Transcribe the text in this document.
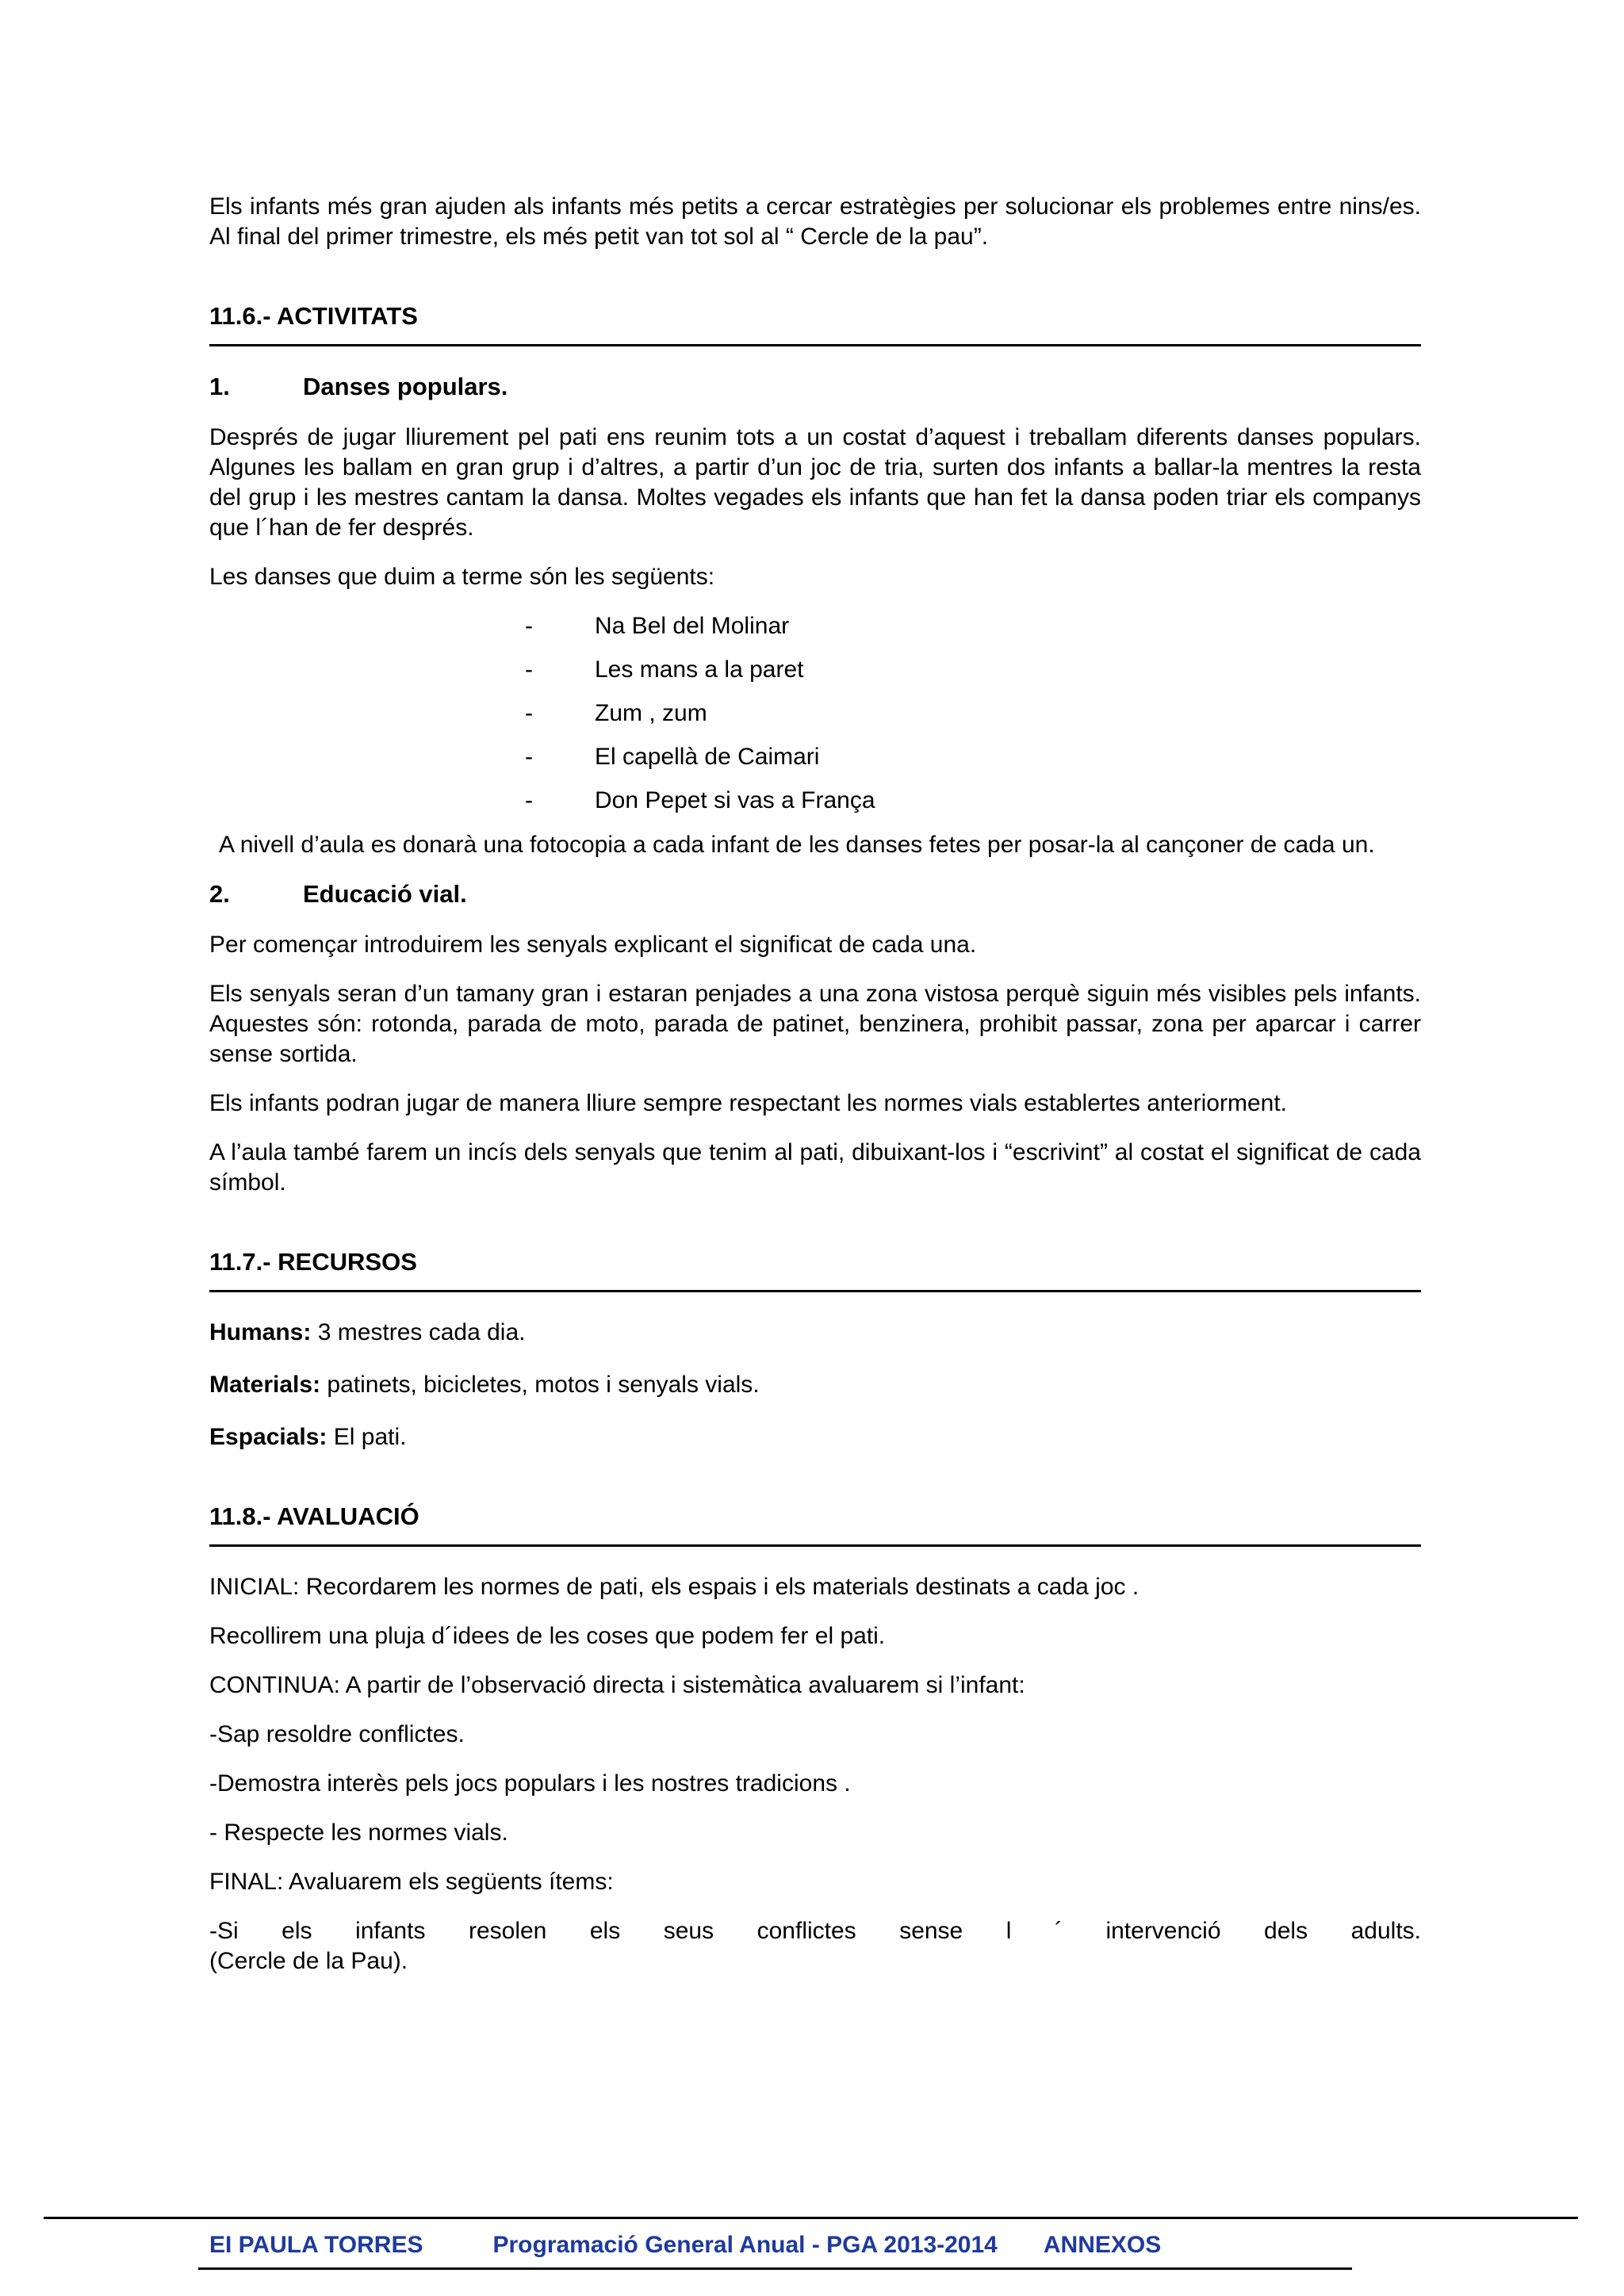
Els infants més gran ajuden als infants més petits a cercar estratègies per solucionar els problemes entre nins/es. Al final del primer trimestre, els més petit van tot sol al “ Cercle de la pau”.

11.6.- ACTIVITATS
1.	Danses populars.

Després de jugar lliurement pel pati ens reunim tots a un costat d’aquest i treballam diferents danses populars. Algunes les ballam en gran grup i d’altres, a partir d’un joc de tria, surten dos infants a ballar-la mentres la resta del grup i les mestres cantam la dansa. Moltes vegades els infants que han fet la dansa poden triar els companys que l´han de fer després.

Les danses que duim a terme són les següents:

-	Na Bel del Molinar
-	Les mans a la paret
-	Zum , zum
-	El capellà de Caimari
-	Don Pepet si vas a França

A nivell d’aula es donarà una fotocopia a cada infant de les danses fetes per posar-la al cançoner de cada un.

2.	Educació vial.

Per començar introduirem les senyals explicant el significat de cada una.

Els senyals seran d’un tamany gran i estaran penjades a una zona vistosa perquè siguin més visibles pels infants. Aquestes són: rotonda, parada de moto, parada de patinet, benzinera, prohibit passar, zona per aparcar i carrer sense sortida.

Els infants podran jugar de manera lliure sempre respectant les normes vials establertes anteriorment.

A l’aula també farem un incís dels senyals que tenim al pati, dibuixant-los i “escrivint” al costat el significat de cada símbol.

11.7.- RECURSOS

Humans: 3 mestres cada dia.

Materials: patinets, bicicletes, motos i senyals vials.

Espacials: El pati.

11.8.- AVALUACIÓ

INICIAL: Recordarem les normes de pati, els espais i els materials destinats a cada joc .

Recollirem una pluja d´idees de les coses que podem fer el pati.

CONTINUA: A partir de l’observació directa i sistemàtica avaluarem si l’infant:

-Sap resoldre conflictes.

-Demostra interès pels jocs populars i les nostres tradicions .

- Respecte les normes vials.

FINAL: Avaluarem els següents ítems:

-Si els infants resolen els seus conflictes sense l ´ intervenció dels adults.
(Cercle de la Pau).
EI PAULA TORRES	Programació General Anual - PGA 2013-2014 ANNEXOS
